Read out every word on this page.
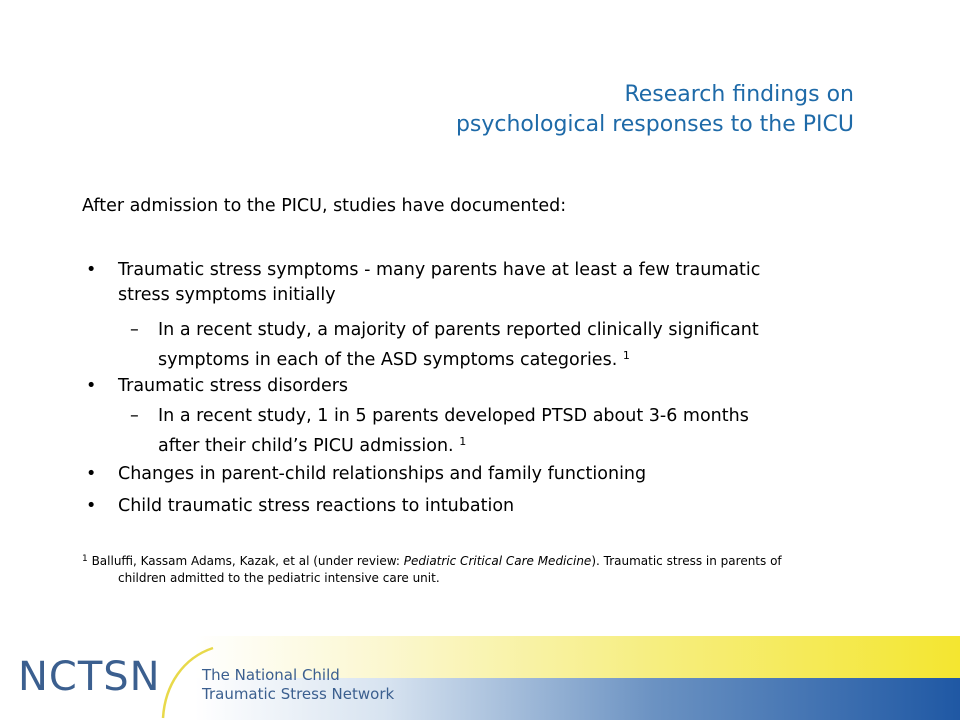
Research findings on
psychological responses to the PICU
After admission to the PICU, studies have documented:
• Traumatic stress symptoms - many parents have at least a few traumatic
stress symptoms initially
– In a recent study, a majority of parents reported clinically significant
symptoms in each of the ASD symptoms categories. $^1$
• Traumatic stress disorders
– In a recent study, 1 in 5 parents developed PTSD about 3-6 months
after their child’s PICU admission. $^1$
• Changes in parent-child relationships and family functioning
• Child traumatic stress reactions to intubation
$^1$ Balluffi, Kassam Adams, Kazak, et al (under review: Pediatric Critical Care Medicine). Traumatic stress in parents of
children admitted to the pediatric intensive care unit.
NCTSN	The National Child
Traumatic Stress Network
